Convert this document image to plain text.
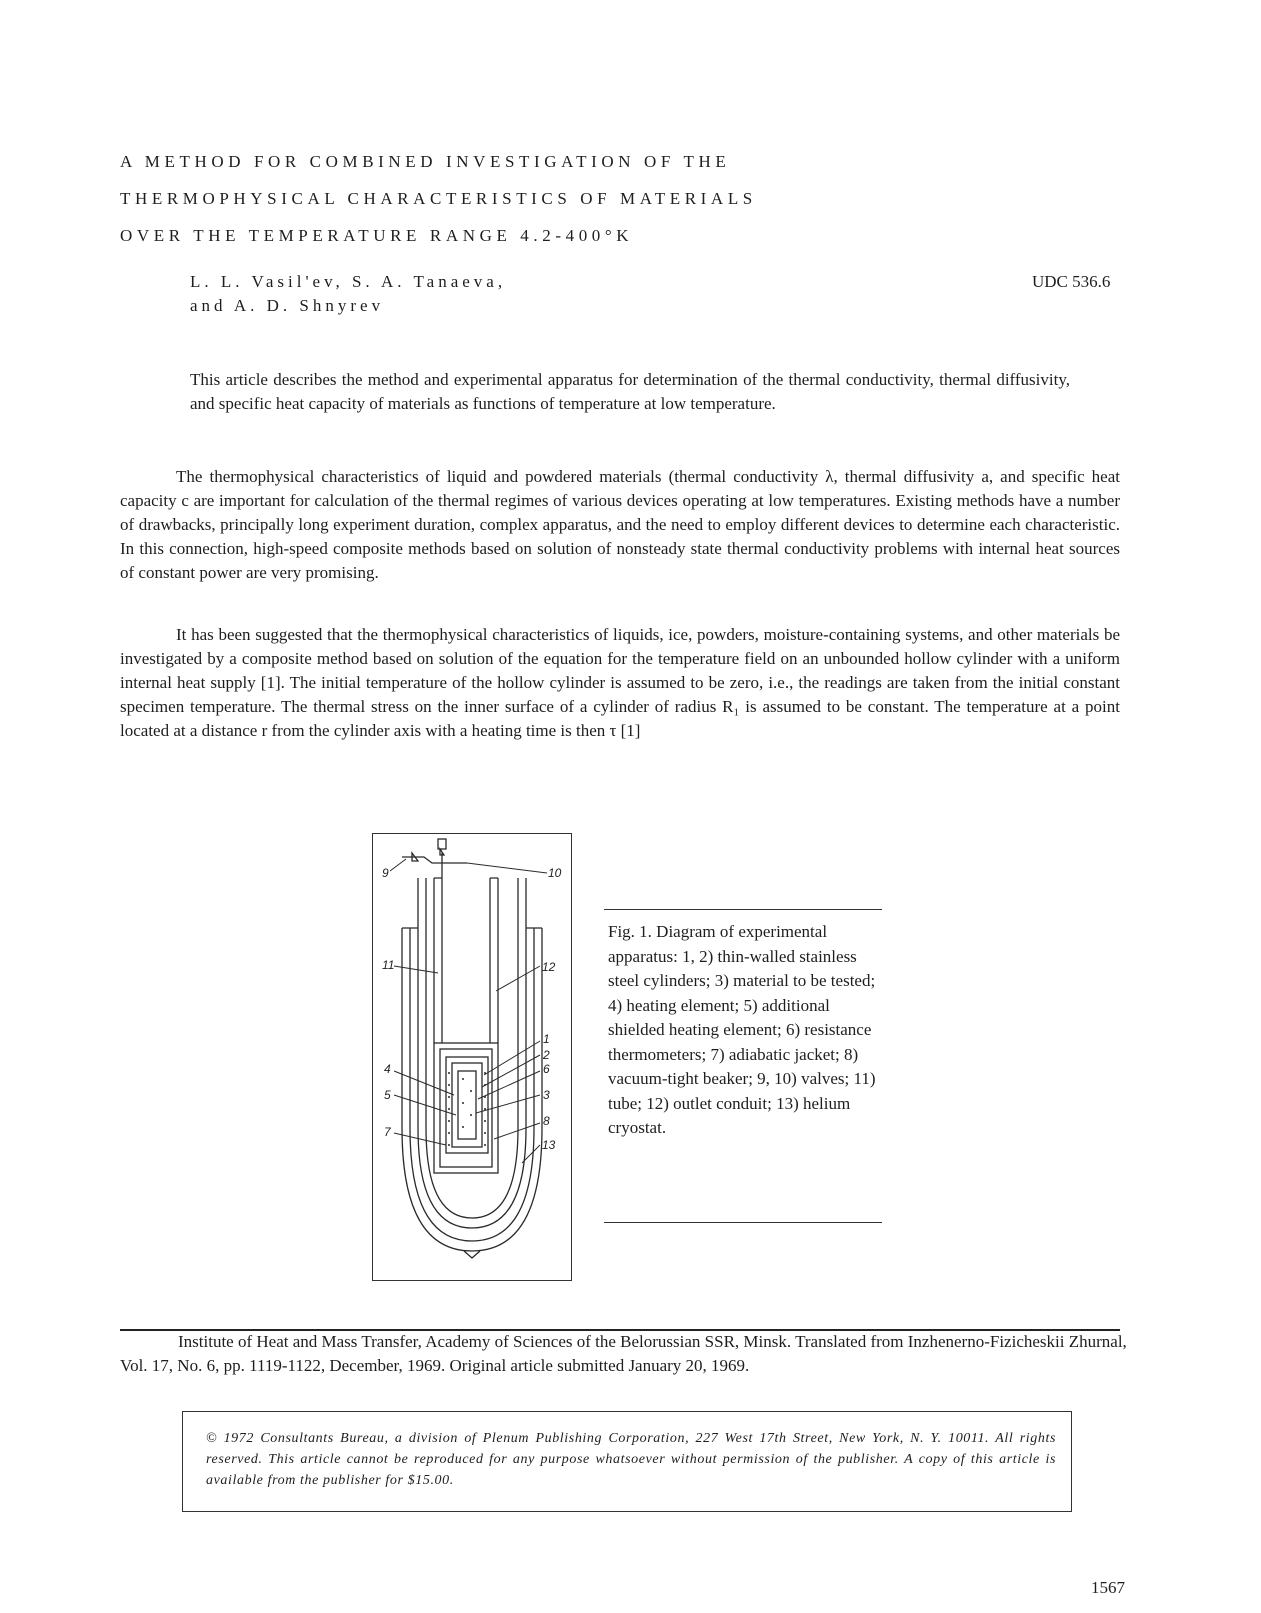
A METHOD FOR COMBINED INVESTIGATION OF THE
THERMOPHYSICAL CHARACTERISTICS OF MATERIALS
OVER THE TEMPERATURE RANGE 4.2-400°K
L. L. Vasil'ev, S. A. Tanaeva,
and A. D. Shnyrev
UDC 536.6
This article describes the method and experimental apparatus for determination of the thermal conductivity, thermal diffusivity, and specific heat capacity of materials as functions of temperature at low temperature.
The thermophysical characteristics of liquid and powdered materials (thermal conductivity λ, thermal diffusivity a, and specific heat capacity c are important for calculation of the thermal regimes of various devices operating at low temperatures. Existing methods have a number of drawbacks, principally long experiment duration, complex apparatus, and the need to employ different devices to determine each characteristic. In this connection, high-speed composite methods based on solution of nonsteady state thermal conductivity problems with internal heat sources of constant power are very promising.
It has been suggested that the thermophysical characteristics of liquids, ice, powders, moisture-containing systems, and other materials be investigated by a composite method based on solution of the equation for the temperature field on an unbounded hollow cylinder with a uniform internal heat supply [1]. The initial temperature of the hollow cylinder is assumed to be zero, i.e., the readings are taken from the initial constant specimen temperature. The thermal stress on the inner surface of a cylinder of radius R₁ is assumed to be constant. The temperature at a point located at a distance r from the cylinder axis with a heating time is then τ [1]
1
2
3
4
5
6
7
8
9	10
11	12
13
Fig. 1. Diagram of experimental apparatus: 1, 2) thin-walled stainless steel cylinders; 3) material to be tested; 4) heating element; 5) additional shielded heating element; 6) resistance thermometers; 7) adiabatic jacket; 8) vacuum-tight beaker; 9, 10) valves; 11) tube; 12) outlet conduit; 13) helium cryostat.
Institute of Heat and Mass Transfer, Academy of Sciences of the Belorussian SSR, Minsk. Translated from Inzhenerno-Fizicheskii Zhurnal, Vol. 17, No. 6, pp. 1119-1122, December, 1969. Original article submitted January 20, 1969.
© 1972 Consultants Bureau, a division of Plenum Publishing Corporation, 227 West 17th Street, New York, N. Y. 10011. All rights reserved. This article cannot be reproduced for any purpose whatsoever without permission of the publisher. A copy of this article is available from the publisher for $15.00.
1567
